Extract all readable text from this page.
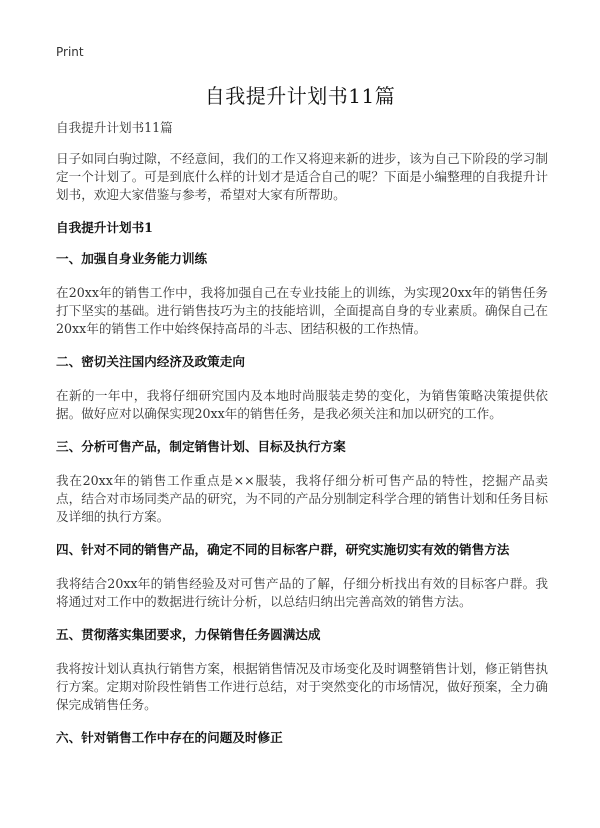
Print
自我提升计划书11篇

自我提升计划书11篇

日子如同白驹过隙，不经意间，我们的工作又将迎来新的进步，该为自己下阶段的学习制定一个计划了。可是到底什么样的计划才是适合自己的呢？下面是小编整理的自我提升计划书，欢迎大家借鉴与参考，希望对大家有所帮助。

自我提升计划书1
一、加强自身业务能力训练

在20xx年的销售工作中，我将加强自己在专业技能上的训练，为实现20xx年的销售任务打下坚实的基础。进行销售技巧为主的技能培训，全面提高自身的专业素质。确保自己在20xx年的销售工作中始终保持高昂的斗志、团结积极的工作热情。

二、密切关注国内经济及政策走向

在新的一年中，我将仔细研究国内及本地时尚服装走势的变化，为销售策略决策提供依据。做好应对以确保实现20xx年的销售任务，是我必须关注和加以研究的工作。

三、分析可售产品，制定销售计划、目标及执行方案

我在20xx年的销售工作重点是××服装，我将仔细分析可售产品的特性，挖掘产品卖点，结合对市场同类产品的研究，为不同的产品分别制定科学合理的销售计划和任务目标及详细的执行方案。

四、针对不同的销售产品，确定不同的目标客户群，研究实施切实有效的销售方法

我将结合20xx年的销售经验及对可售产品的了解，仔细分析找出有效的目标客户群。我将通过对工作中的数据进行统计分析，以总结归纳出完善高效的销售方法。

五、贯彻落实集团要求，力保销售任务圆满达成

我将按计划认真执行销售方案，根据销售情况及市场变化及时调整销售计划，修正销售执行方案。定期对阶段性销售工作进行总结，对于突然变化的市场情况，做好预案，全力确保完成销售任务。

六、针对销售工作中存在的问题及时修正
